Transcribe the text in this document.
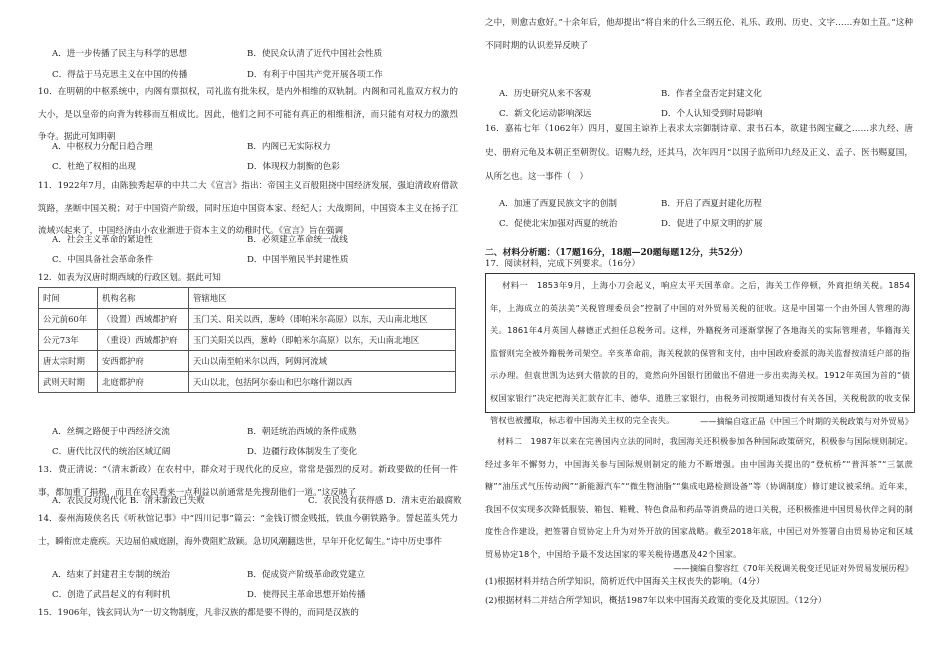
A．进一步传播了民主与科学的思想	B．使民众认清了近代中国社会性质
C．得益于马克思主义在中国的传播	D．有利于中国共产党开展各项工作
10．在明朝的中枢系统中，内阁有票拟权，司礼监有批朱权，是内外相维的双轨制。内阁和司礼监双方权力的大小，是以皇帝的向背为转移而互相成比。因此，他们之间不可能有真正的相维相济，而只能有对权力的激烈争夺。据此可知明朝
A．中枢权力分配日趋合理	B．内阁已无实际权力
C．杜绝了权相的出现	D．体现权力制衡的色彩
11．1922年7月，由陈独秀起草的中共二大《宣言》指出：帝国主义百般阻挠中国经济发展，强迫清政府借款筑路，垄断中国关税；对于中国资产阶级，同时压迫中国资本家、经纪人；大战期间，中国资本主义在扬子江流域兴起来了，中国经济由小农业渐进于资本主义的幼稚时代。《宣言》旨在强调
A．社会主义革命的紧迫性	B．必须建立革命统一战线
C．中国具备社会革命条件	D．中国半殖民半封建性质
12．如表为汉唐时期西域的行政区划。据此可知
时间	机构名称	管辖地区
公元前60年	（设置）西域都护府	玉门关、阳关以西，葱岭（即帕米尔高原）以东，天山南北地区
公元73年	（重设）西域都护府	玉门关阳关以西，葱岭（即帕米尔高原）以东，天山南北地区
唐太宗时期	安西都护府	天山以南至帕米尔以西，阿姆河流域
武则天时期	北庭都护府	天山以北，包括阿尔泰山和巴尔喀什湖以西
A．丝绸之路便于中西经济交流	B．朝廷统治西域的条件成熟
C．唐代比汉代的统治区域辽阔	D．边疆行政体制发生了变化
13．费正清说：“（清末新政）在农村中，群众对于现代化的反应，常常是强烈的反对。新政要做的任何一件事，都加重了捐税，而且在农民看来一点利益以前通常是先搜刮他们一道。”这反映了
A．农民反对现代化 B．清末新政已失败	C．农民没有获得感 D．清末吏治最腐败
14．泰州海陵侠名氏《听秋馆记事》中“四川记事”篇云：“金钱订惯金贱抵，铁血今朝铁路争。誓起蓝头凭力士，瞬衔庶走鹿疾。天边届伯威庭剧，海外费阻贮敌颖。急切风潮翻迭世，早年开化忆匐生。”诗中历史事件
A．结束了封建君主专制的统治	B．促成资产阶级革命政党建立
C．创造了武昌起义的有利时机	D．使得民主革命思想开始传播
15．1906年，钱玄同认为“一切文物制度，凡非汉族的都是要不得的，而同是汉族的
之中，则愈古愈好。”十余年后，他却提出“将自来的什么三纲五伦、礼乐、政刑、历史、文字……弃如土苴。”这种不同时期的认识差异反映了
A．历史研究从来不客观	B．作者全盘否定封建文化
C．新文化运动影响深远	D．个人认知受到时局影响
16．嘉祐七年（1062年）四月，夏国主谅祚上表求太宗御制诗章、隶书石本，欲建书阁宝藏之……求九经、唐史、册府元龟及本朝正至朝贺仪。诏赐九经，还其马，次年四月“以国子监所印九经及正义、孟子、医书赐夏国，从所乞也。这一事件（　）
A．加速了西夏民族文字的创制	B．开启了西夏封建化历程
C．促使北宋加强对西夏的统治	D．促进了中原文明的扩展
二、材料分析题：（17题16分，18题—20题每题12分，共52分）
17．阅读材料，完成下列要求。（16分）
材料一　1853年9月，上海小刀会起义，响应太平天国革命。之后，海关工作停顿，外商拒纳关税。1854年，上海成立的英法美“关税管理委员会”控制了中国的对外贸易关税的征收。这是中国第一个由外国人管理的海关。1861年4月英国人赫德正式担任总税务司。这样，外籍税务司逐渐掌握了各地海关的实际管理者，华籍海关监督则完全被外籍税务司架空。辛亥革命前，海关税款的保管和支付，由中国政府委派的海关监督按清廷户部的指示办理。但袁世凯为达到大借款的目的，竟然向外国银行团做出不借进一步出卖海关权。1912年英国为首的“债权国家银行”决定把海关汇款存汇丰、德华、道胜三家银行，由税务司按期通知拨付有关各国，关税税款的收支保管权也被攫取，标志着中国海关主权的完全丧失。	——摘编自寇正晶《中国三个时期的关税政策与对外贸易》
材料二　1987年以来在完善国内立法的同时，我国海关还积极参加各种国际政策研究，积极参与国际规则制定。经过多年不懈努力，中国海关参与国际规则制定的能力不断增强。由中国海关提出的“登杭桥”“普洱茶”“三氯蔗糖”“油压式气压传动阀”“新能源汽车”“微生物油脂”“集成电路检测设备”等（协调制度）修订建议被采纳。近年来，我国不仅实现多次降低服装、箱包、鞋靴、特色食品和药品等消费品的进口关税，还积极推进中国贸易伙伴之间的制度性合作建设，把签署自贸协定上升为对外开放的国家战略。截至2018年底，中国已对外签署自由贸易协定和区域贸易协定18个，中国给予最不发达国家的零关税待遇惠及42个国家。
——摘编自黎容红《70年关税调关税变迁见证对外贸易发展历程》
(1)根据材料并结合所学知识，简析近代中国海关主权丧失的影响。（4分）
(2)根据材料二并结合所学知识，概括1987年以来中国海关政策的变化及其原因。（12分）
